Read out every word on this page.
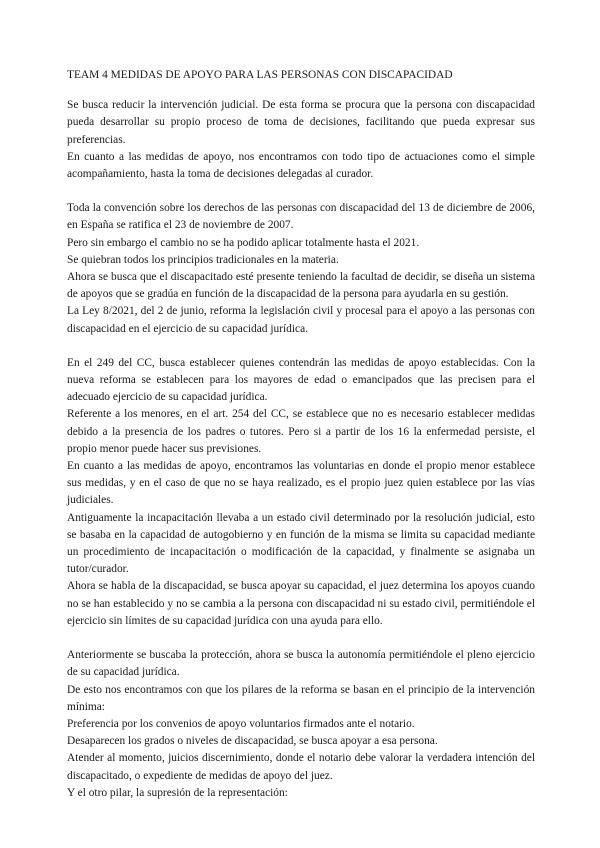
TEAM 4 MEDIDAS DE APOYO PARA LAS PERSONAS CON DISCAPACIDAD

Se busca reducir la intervención judicial. De esta forma se procura que la persona con discapacidad pueda desarrollar su propio proceso de toma de decisiones, facilitando que pueda expresar sus preferencias.

En cuanto a las medidas de apoyo, nos encontramos con todo tipo de actuaciones como el simple acompañamiento, hasta la toma de decisiones delegadas al curador.

Toda la convención sobre los derechos de las personas con discapacidad del 13 de diciembre de 2006, en España se ratifica el 23 de noviembre de 2007.

Pero sin embargo el cambio no se ha podido aplicar totalmente hasta el 2021.

Se quiebran todos los principios tradicionales en la materia.

Ahora se busca que el discapacitado esté presente teniendo la facultad de decidir, se diseña un sistema de apoyos que se gradúa en función de la discapacidad de la persona para ayudarla en su gestión.

La Ley 8/2021, del 2 de junio, reforma la legislación civil y procesal para el apoyo a las personas con discapacidad en el ejercicio de su capacidad jurídica.

En el 249 del CC, busca establecer quienes contendrán las medidas de apoyo establecidas. Con la nueva reforma se establecen para los mayores de edad o emancipados que las precisen para el adecuado ejercicio de su capacidad jurídica.

Referente a los menores, en el art. 254 del CC, se establece que no es necesario establecer medidas debido a la presencia de los padres o tutores. Pero si a partir de los 16 la enfermedad persiste, el propio menor puede hacer sus previsiones.

En cuanto a las medidas de apoyo, encontramos las voluntarias en donde el propio menor establece sus medidas, y en el caso de que no se haya realizado, es el propio juez quien establece por las vías judiciales.

Antiguamente la incapacitación llevaba a un estado civil determinado por la resolución judicial, esto se basaba en la capacidad de autogobierno y en función de la misma se limita su capacidad mediante un procedimiento de incapacitación o modificación de la capacidad, y finalmente se asignaba un tutor/curador.

Ahora se habla de la discapacidad, se busca apoyar su capacidad, el juez determina los apoyos cuando no se han establecido y no se cambia a la persona con discapacidad ni su estado civil, permitiéndole el ejercicio sin límites de su capacidad jurídica con una ayuda para ello.

Anteriormente se buscaba la protección, ahora se busca la autonomía permitiéndole el pleno ejercicio de su capacidad jurídica.

De esto nos encontramos con que los pilares de la reforma se basan en el principio de la intervención mínima:

Preferencia por los convenios de apoyo voluntarios firmados ante el notario.

Desaparecen los grados o niveles de discapacidad, se busca apoyar a esa persona.

Atender al momento, juicios discernimiento, donde el notario debe valorar la verdadera intención del discapacitado, o expediente de medidas de apoyo del juez.

Y el otro pilar, la supresión de la representación:
